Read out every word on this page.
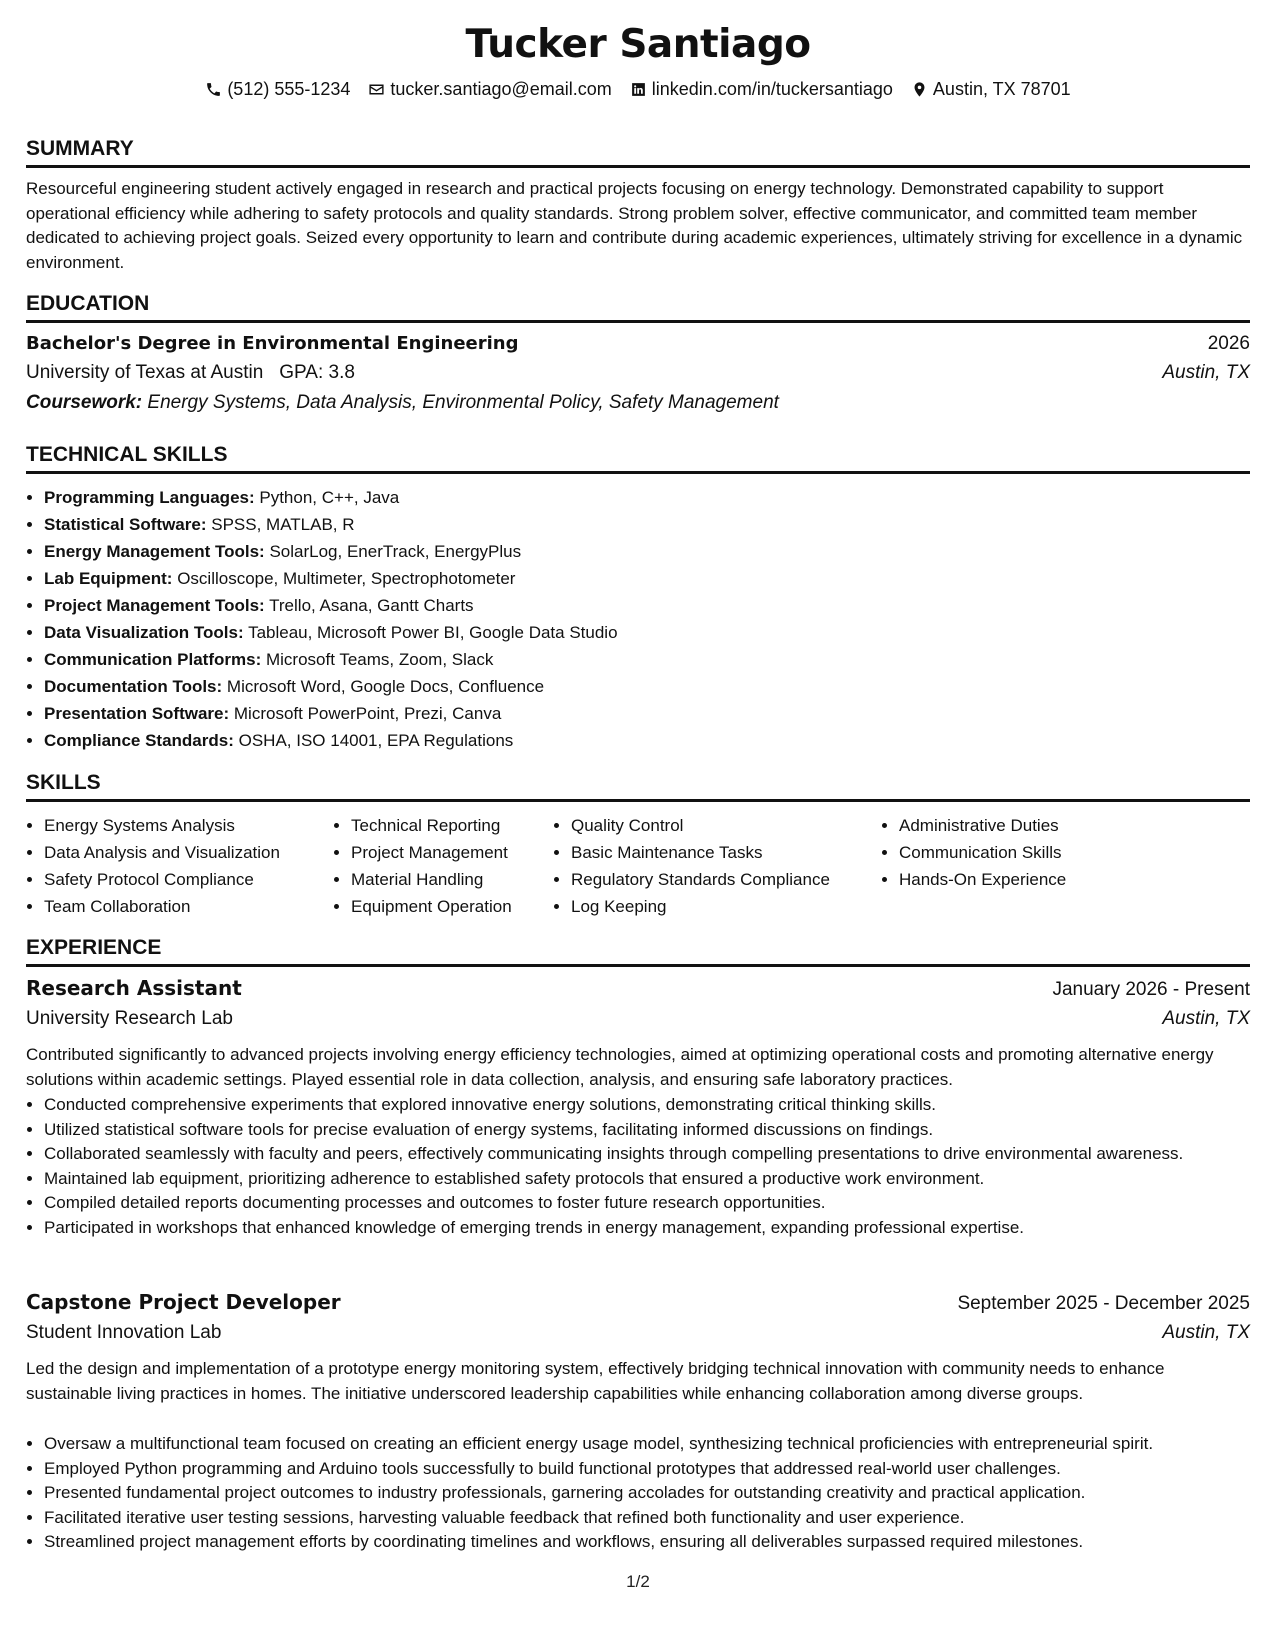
Tucker Santiago
(512) 555-1234 tucker.santiago@email.com linkedin.com/in/tuckersantiago Austin, TX 78701
SUMMARY
Resourceful engineering student actively engaged in research and practical projects focusing on energy technology. Demonstrated capability to support operational efficiency while adhering to safety protocols and quality standards. Strong problem solver, effective communicator, and committed team member dedicated to achieving project goals. Seized every opportunity to learn and contribute during academic experiences, ultimately striving for excellence in a dynamic environment.
EDUCATION
Bachelor's Degree in Environmental Engineering	2026
University of Texas at Austin GPA: 3.8	Austin, TX
Coursework: Energy Systems, Data Analysis, Environmental Policy, Safety Management
TECHNICAL SKILLS
• Programming Languages: Python, C++, Java
• Statistical Software: SPSS, MATLAB, R
• Energy Management Tools: SolarLog, EnerTrack, EnergyPlus
• Lab Equipment: Oscilloscope, Multimeter, Spectrophotometer
• Project Management Tools: Trello, Asana, Gantt Charts
• Data Visualization Tools: Tableau, Microsoft Power BI, Google Data Studio
• Communication Platforms: Microsoft Teams, Zoom, Slack
• Documentation Tools: Microsoft Word, Google Docs, Confluence
• Presentation Software: Microsoft PowerPoint, Prezi, Canva
• Compliance Standards: OSHA, ISO 14001, EPA Regulations
SKILLS
• Energy Systems Analysis
• Data Analysis and Visualization
• Safety Protocol Compliance
• Team Collaboration
• Technical Reporting
• Project Management
• Material Handling
• Equipment Operation
• Quality Control
• Basic Maintenance Tasks
• Regulatory Standards Compliance
• Log Keeping
• Administrative Duties
• Communication Skills
• Hands-On Experience
EXPERIENCE
Research Assistant	January 2026 - Present
University Research Lab	Austin, TX
Contributed significantly to advanced projects involving energy efficiency technologies, aimed at optimizing operational costs and promoting alternative energy solutions within academic settings. Played essential role in data collection, analysis, and ensuring safe laboratory practices.
• Conducted comprehensive experiments that explored innovative energy solutions, demonstrating critical thinking skills.
• Utilized statistical software tools for precise evaluation of energy systems, facilitating informed discussions on findings.
• Collaborated seamlessly with faculty and peers, effectively communicating insights through compelling presentations to drive environmental awareness.
• Maintained lab equipment, prioritizing adherence to established safety protocols that ensured a productive work environment.
• Compiled detailed reports documenting processes and outcomes to foster future research opportunities.
• Participated in workshops that enhanced knowledge of emerging trends in energy management, expanding professional expertise.
Capstone Project Developer	September 2025 - December 2025
Student Innovation Lab	Austin, TX
Led the design and implementation of a prototype energy monitoring system, effectively bridging technical innovation with community needs to enhance sustainable living practices in homes. The initiative underscored leadership capabilities while enhancing collaboration among diverse groups.
• Oversaw a multifunctional team focused on creating an efficient energy usage model, synthesizing technical proficiencies with entrepreneurial spirit.
• Employed Python programming and Arduino tools successfully to build functional prototypes that addressed real-world user challenges.
• Presented fundamental project outcomes to industry professionals, garnering accolades for outstanding creativity and practical application.
• Facilitated iterative user testing sessions, harvesting valuable feedback that refined both functionality and user experience.
• Streamlined project management efforts by coordinating timelines and workflows, ensuring all deliverables surpassed required milestones.
1/2
